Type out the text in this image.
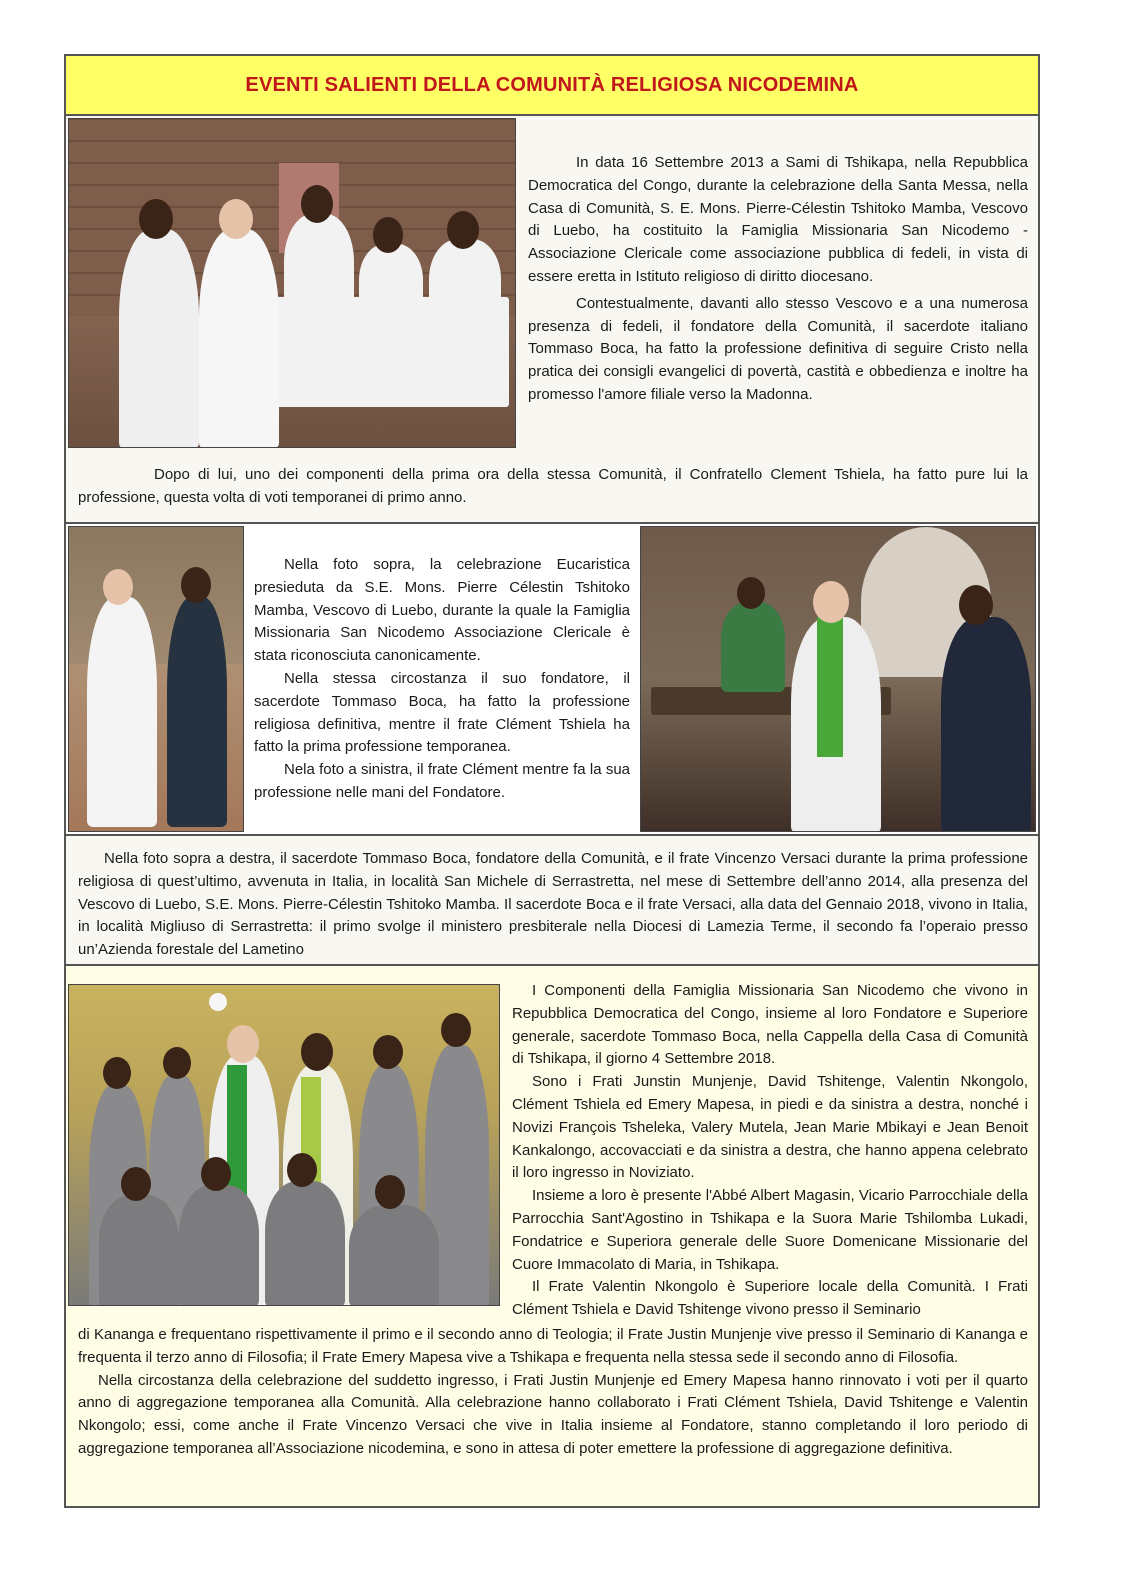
EVENTI SALIENTI DELLA COMUNITÀ RELIGIOSA NICODEMINA

In data 16 Settembre 2013 a Sami di Tshikapa, nella Repubblica Democratica del Congo, durante la celebrazione della Santa Messa, nella Casa di Comunità, S. E. Mons. Pierre-Célestin Tshitoko Mamba, Vescovo di Luebo, ha costituito la Famiglia Missionaria San Nicodemo - Associazione Clericale come associazione pubblica di fedeli, in vista di essere eretta in Istituto religioso di diritto diocesano.

Contestualmente, davanti allo stesso Vescovo e a una numerosa presenza di fedeli, il fondatore della Comunità, il sacerdote italiano Tommaso Boca, ha fatto la professione definitiva di seguire Cristo nella pratica dei consigli evangelici di povertà, castità e obbedienza e inoltre ha promesso l'amore filiale verso la Madonna.

Dopo di lui, uno dei componenti della prima ora della stessa Comunità, il Confratello Clement Tshiela, ha fatto pure lui la professione, questa volta di voti temporanei di primo anno.

Nella foto sopra, la celebrazione Eucaristica presieduta da S.E. Mons. Pierre Célestin Tshitoko Mamba, Vescovo di Luebo, durante la quale la Famiglia Missionaria San Nicodemo Associazione Clericale è stata riconosciuta canonicamente.

Nella stessa circostanza il suo fondatore, il sacerdote Tommaso Boca, ha fatto la professione religiosa definitiva, mentre il frate Clément Tshiela ha fatto la prima professione temporanea.

Nela foto a sinistra, il frate Clément mentre fa la sua professione nelle mani del Fondatore.

Nella foto sopra a destra, il sacerdote Tommaso Boca, fondatore della Comunità, e il frate Vincenzo Versaci durante la prima professione religiosa di quest’ultimo, avvenuta in Italia, in località San Michele di Serrastretta, nel mese di Settembre dell’anno 2014, alla presenza del Vescovo di Luebo, S.E. Mons. Pierre-Célestin Tshitoko Mamba. Il sacerdote Boca e il frate Versaci, alla data del Gennaio 2018, vivono in Italia, in località Migliuso di Serrastretta: il primo svolge il ministero presbiterale nella Diocesi di Lamezia Terme, il secondo fa l’operaio presso un’Azienda forestale del Lametino

I Componenti della Famiglia Missionaria San Nicodemo che vivono in Repubblica Democratica del Congo, insieme al loro Fondatore e Superiore generale, sacerdote Tommaso Boca, nella Cappella della Casa di Comunità di Tshikapa, il giorno 4 Settembre 2018.

Sono i Frati Junstin Munjenje, David Tshitenge, Valentin Nkongolo, Clément Tshiela ed Emery Mapesa, in piedi e da sinistra a destra, nonché i Novizi François Tsheleka, Valery Mutela, Jean Marie Mbikayi e Jean Benoit Kankalongo, accovacciati e da sinistra a destra, che hanno appena celebrato il loro ingresso in Noviziato.

Insieme a loro è presente l'Abbé Albert Magasin, Vicario Parrocchiale della Parrocchia Sant'Agostino in Tshikapa e la Suora Marie Tshilomba Lukadi, Fondatrice e Superiora generale delle Suore Domenicane Missionarie del Cuore Immacolato di Maria, in Tshikapa.

Il Frate Valentin Nkongolo è Superiore locale della Comunità. I Frati Clément Tshiela e David Tshitenge vivono presso il Seminario

di Kananga e frequentano rispettivamente il primo e il secondo anno di Teologia; il Frate Justin Munjenje vive presso il Seminario di Kananga e frequenta il terzo anno di Filosofia; il Frate Emery Mapesa vive a Tshikapa e frequenta nella stessa sede il secondo anno di Filosofia.

Nella circostanza della celebrazione del suddetto ingresso, i Frati Justin Munjenje ed Emery Mapesa hanno rinnovato i voti per il quarto anno di aggregazione temporanea alla Comunità. Alla celebrazione hanno collaborato i Frati Clément Tshiela, David Tshitenge e Valentin Nkongolo; essi, come anche il Frate Vincenzo Versaci che vive in Italia insieme al Fondatore, stanno completando il loro periodo di aggregazione temporanea all’Associazione nicodemina, e sono in attesa di poter emettere la professione di aggregazione definitiva.
